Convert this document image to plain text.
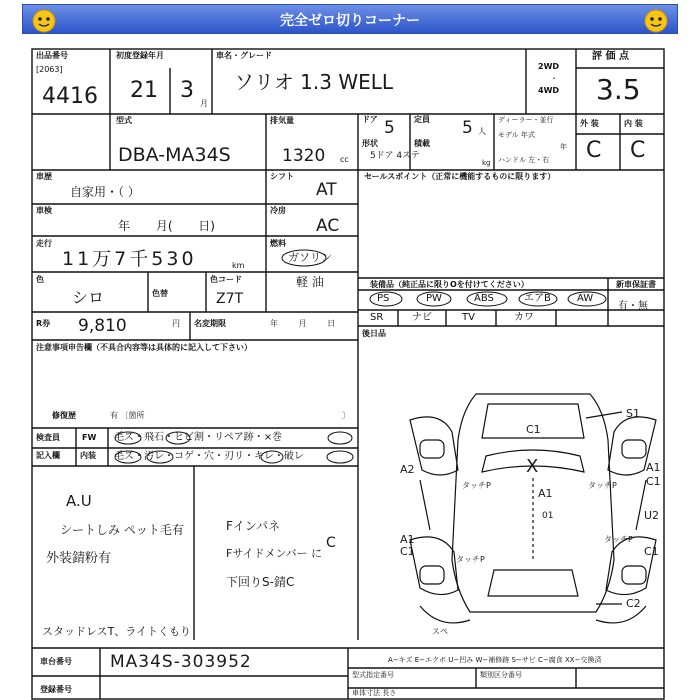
完全ゼロ切りコーナー
出品番号
[2063]
4416
初度登録年月
21 3
月
車名・グレード
ソリオ 1.3 WELL
2WD
・
4WD
評 価 点
3.5
型式
DBA-MA34S
排気量
1320 cc
ドア 5
形状
5ドア 4ステ
定員 5 人
積載
kg
ディーラー・並行
モデル 年式
年
ハンドル 左・右
外 装	内 装
C C
車歴
自家用・（ ）
車検
年 月( 日)
走行
11万7千530	km
色
シロ	色替
色コード
Z7T
R券 9,810	円 名変期限	年 月 日
注意事項申告欄（不具合内容等は具体的に記入して下さい）
修復歴	有 〔箇所	〕
シフト
AT
冷房
AC
燃料
ガソリン
軽 油
セールスポイント（正常に機能するものに限ります）
装備品（純正品に限りΟを付けてください）	新車保証書
有・無
PS	PW	ABS	エアB	AW
SR	ナビ	TV	カワ
後日品
検査員
記入欄
FW
内装
毛ズ・飛石・ヒビ割・リペア跡・×巻
毛ズ・汚レ・コゲ・穴・刃リ・キレ・破レ
A.U
シートしみ ペット毛有
外装錆粉有
Fインパネ
Fサイドメンバー に
C
下回りS-錆C
スタッドレスT、ライトくもり
C1
S1
X
A1
01
A2	A1
C1
U2
A1
C1	C1
C2
タッチP	タッチP
タッチP
タッチP
スペ
A−キズ E−エクボ U−凹み W−補修跡 S−サビ C−腐食 XX−交換済
車台番号 MA34S-303952
登録番号
型式指定番号	類別区分番号
車体寸法 長さ
